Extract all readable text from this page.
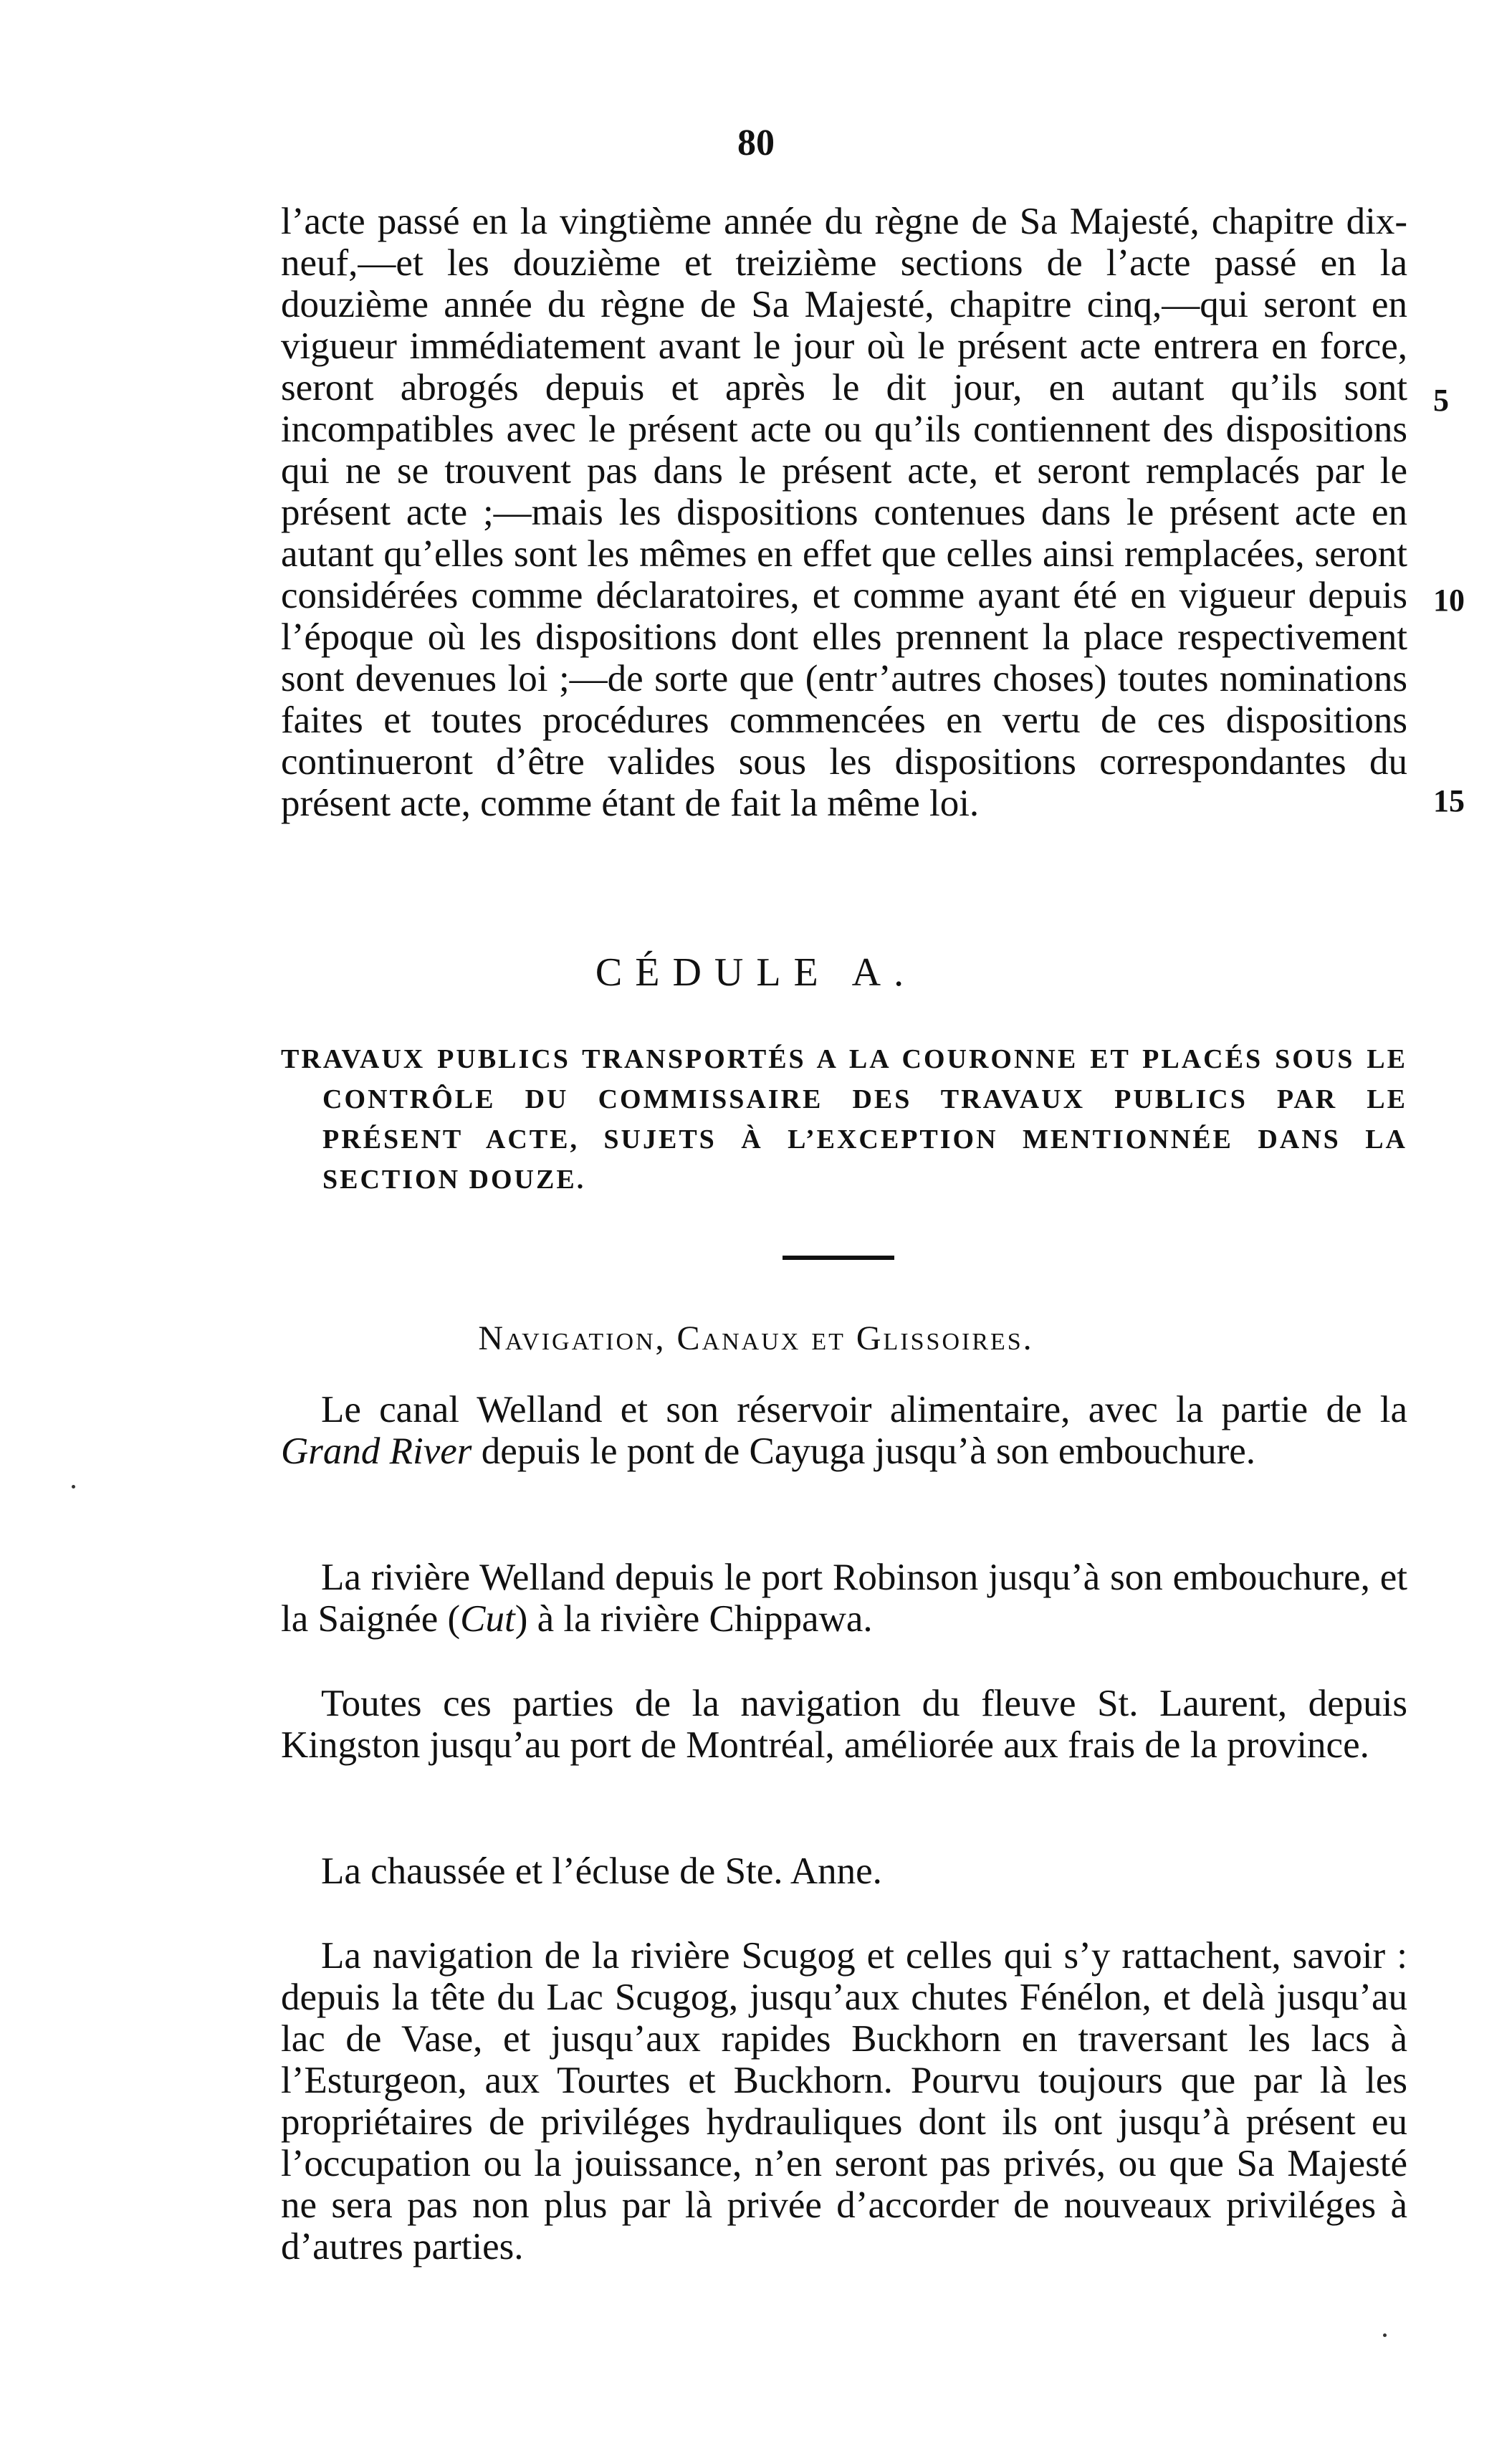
80

l’acte passé en la vingtième année du règne de Sa Majesté, chapitre dix-neuf,—et les douzième et treizième sections de l’acte passé en la douzième année du règne de Sa Majesté, chapitre cinq,—qui seront en vigueur immédiatement avant le jour où le présent acte entrera en force, seront abrogés depuis et après le dit jour, en autant qu’ils sont incompatibles avec le présent acte ou qu’ils contiennent des dispositions qui ne se trouvent pas dans le présent acte, et seront remplacés par le présent acte ;—mais les dispositions contenues dans le présent acte en autant qu’elles sont les mêmes en effet que celles ainsi remplacées, seront considérées comme déclaratoires, et comme ayant été en vigueur depuis l’époque où les dispositions dont elles prennent la place respectivement sont devenues loi ;—de sorte que (entr’autres choses) toutes nominations faites et toutes procédures commencées en vertu de ces dispositions continueront d’être valides sous les dispositions correspondantes du présent acte, comme étant de fait la même loi.

5
10
15
CÉDULE A.
TRAVAUX PUBLICS TRANSPORTÉS A LA COURONNE ET PLACÉS SOUS LE CONTRÔLE DU COMMISSAIRE DES TRAVAUX PUBLICS PAR LE PRÉSENT ACTE, SUJETS À L’EXCEPTION MENTIONNÉE DANS LA SECTION DOUZE.
Navigation, Canaux et Glissoires.

Le canal Welland et son réservoir alimentaire, avec la partie de la Grand River depuis le pont de Cayuga jusqu’à son embouchure.

La rivière Welland depuis le port Robinson jusqu’à son embouchure, et la Saignée (Cut) à la rivière Chippawa.

Toutes ces parties de la navigation du fleuve St. Laurent, depuis Kingston jusqu’au port de Montréal, améliorée aux frais de la province.

La chaussée et l’écluse de Ste. Anne.

La navigation de la rivière Scugog et celles qui s’y rattachent, savoir : depuis la tête du Lac Scugog, jusqu’aux chutes Fénélon, et delà jusqu’au lac de Vase, et jusqu’aux rapides Buckhorn en traversant les lacs à l’Esturgeon, aux Tourtes et Buckhorn. Pourvu toujours que par là les propriétaires de priviléges hydrauliques dont ils ont jusqu’à présent eu l’occupation ou la jouissance, n’en seront pas privés, ou que Sa Majesté ne sera pas non plus par là privée d’accorder de nouveaux priviléges à d’autres parties.
